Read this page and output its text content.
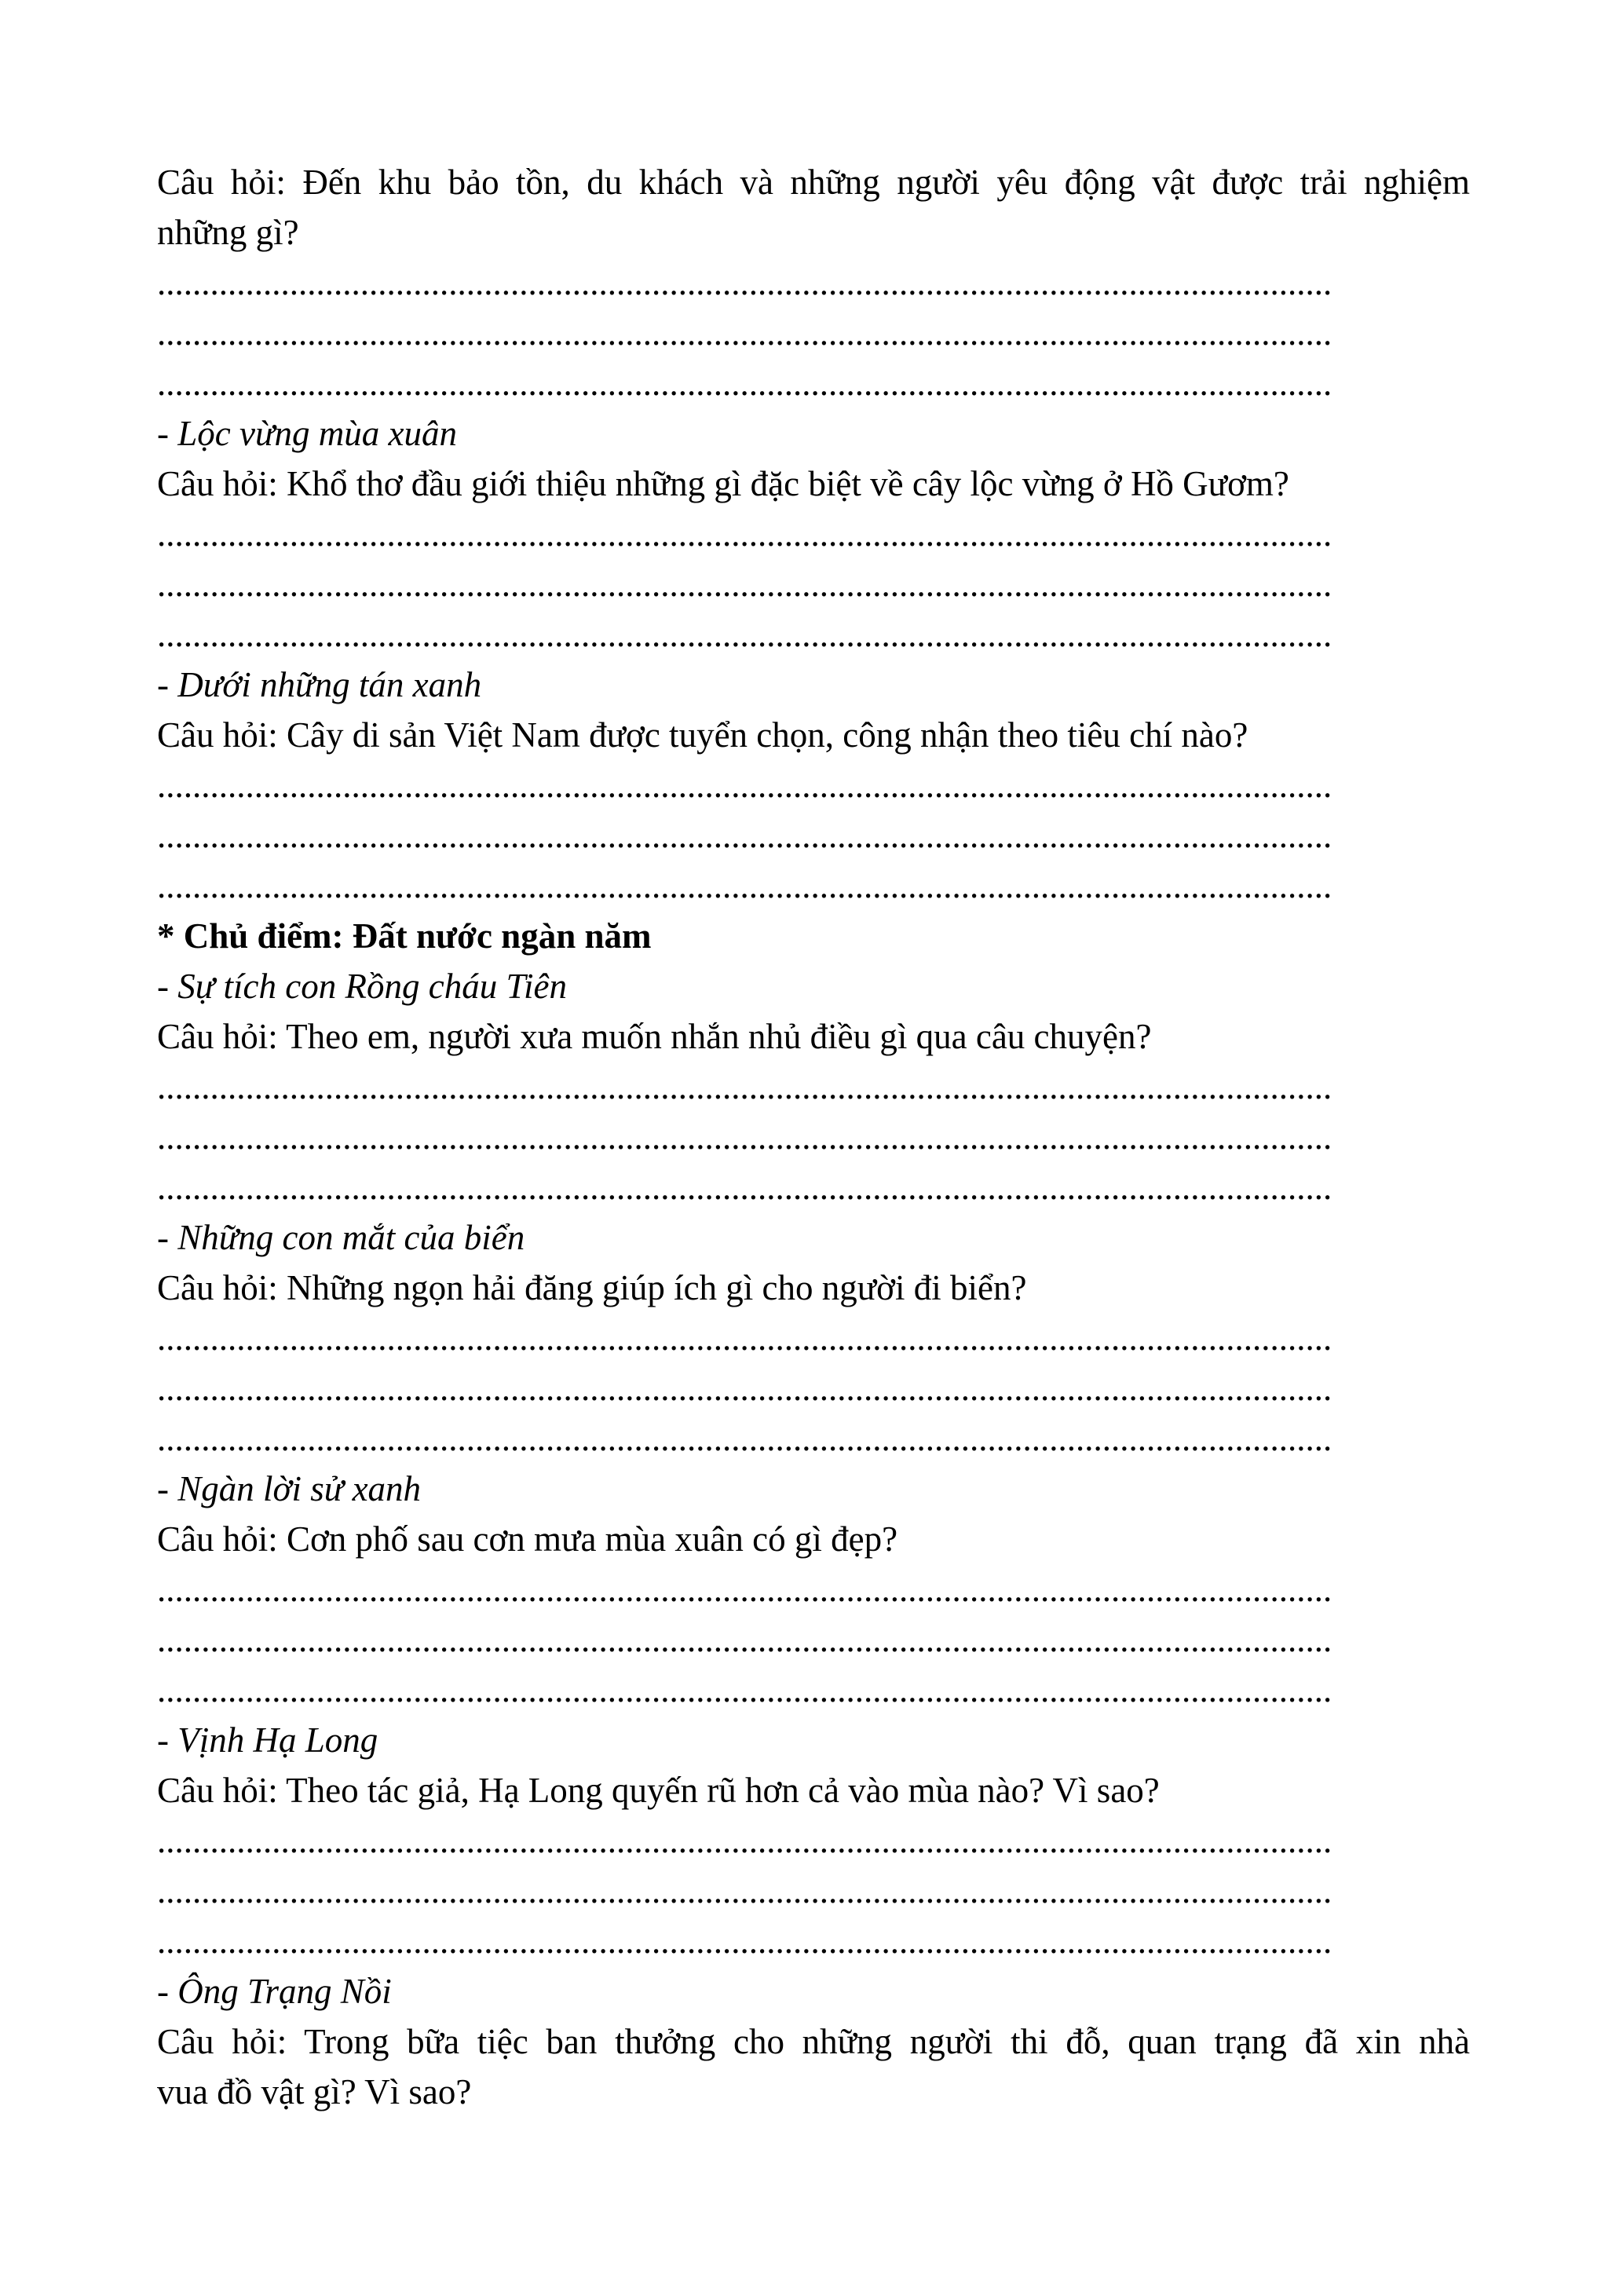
Câu hỏi: Đến khu bảo tồn, du khách và những người yêu động vật được trải nghiệm
những gì?
.....................................................................................................................................
.....................................................................................................................................
.....................................................................................................................................
- Lộc vừng mùa xuân
Câu hỏi: Khổ thơ đầu giới thiệu những gì đặc biệt về cây lộc vừng ở Hồ Gươm?
.....................................................................................................................................
.....................................................................................................................................
.....................................................................................................................................
- Dưới những tán xanh
Câu hỏi: Cây di sản Việt Nam được tuyển chọn, công nhận theo tiêu chí nào?
.....................................................................................................................................
.....................................................................................................................................
.....................................................................................................................................
* Chủ điểm: Đất nước ngàn năm
- Sự tích con Rồng cháu Tiên
Câu hỏi: Theo em, người xưa muốn nhắn nhủ điều gì qua câu chuyện?
.....................................................................................................................................
.....................................................................................................................................
.....................................................................................................................................
- Những con mắt của biển
Câu hỏi: Những ngọn hải đăng giúp ích gì cho người đi biển?
.....................................................................................................................................
.....................................................................................................................................
.....................................................................................................................................
- Ngàn lời sử xanh
Câu hỏi: Cơn phố sau cơn mưa mùa xuân có gì đẹp?
.....................................................................................................................................
.....................................................................................................................................
.....................................................................................................................................
- Vịnh Hạ Long
Câu hỏi: Theo tác giả, Hạ Long quyến rũ hơn cả vào mùa nào? Vì sao?
.....................................................................................................................................
.....................................................................................................................................
.....................................................................................................................................
- Ông Trạng Nồi
Câu hỏi: Trong bữa tiệc ban thưởng cho những người thi đỗ, quan trạng đã xin nhà
vua đồ vật gì? Vì sao?
